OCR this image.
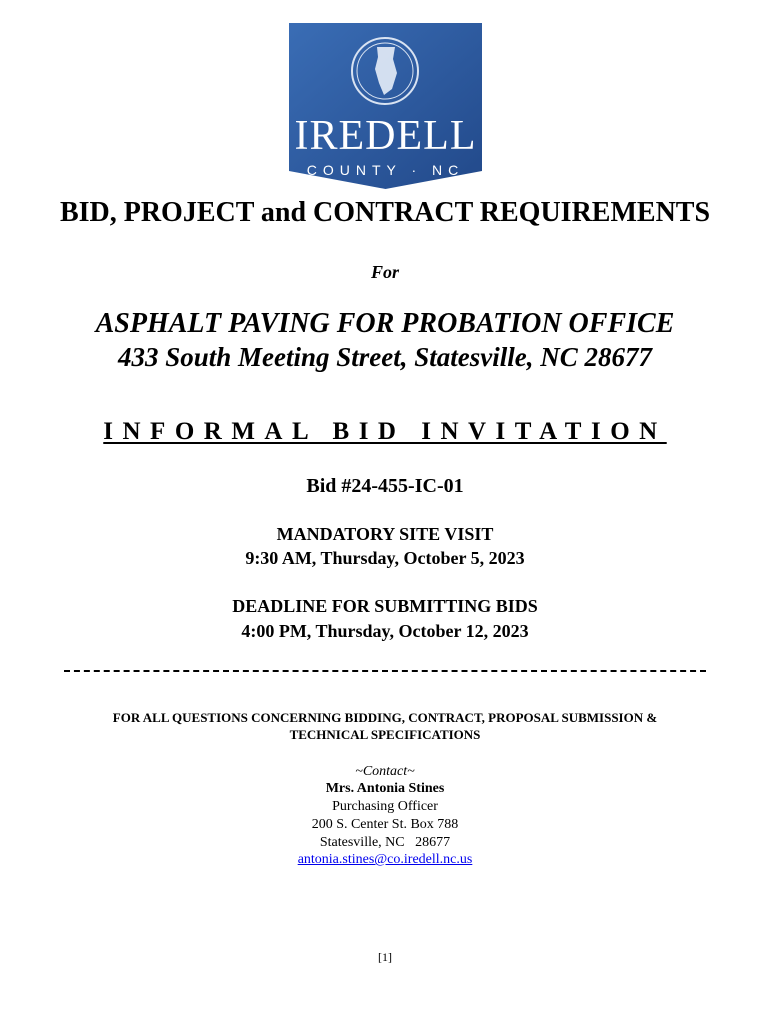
IREDELL
COUNTY · NC
BID, PROJECT and CONTRACT REQUIREMENTS
For
ASPHALT PAVING FOR PROBATION OFFICE
433 South Meeting Street, Statesville, NC 28677
INFORMAL BID INVITATION
Bid #24-455-IC-01
MANDATORY SITE VISIT
9:30 AM, Thursday, October 5, 2023
DEADLINE FOR SUBMITTING BIDS
4:00 PM, Thursday, October 12, 2023
FOR ALL QUESTIONS CONCERNING BIDDING, CONTRACT, PROPOSAL SUBMISSION &
TECHNICAL SPECIFICATIONS
~Contact~
Mrs. Antonia Stines
Purchasing Officer
200 S. Center St. Box 788
Statesville, NC   28677
antonia.stines@co.iredell.nc.us
[1]
